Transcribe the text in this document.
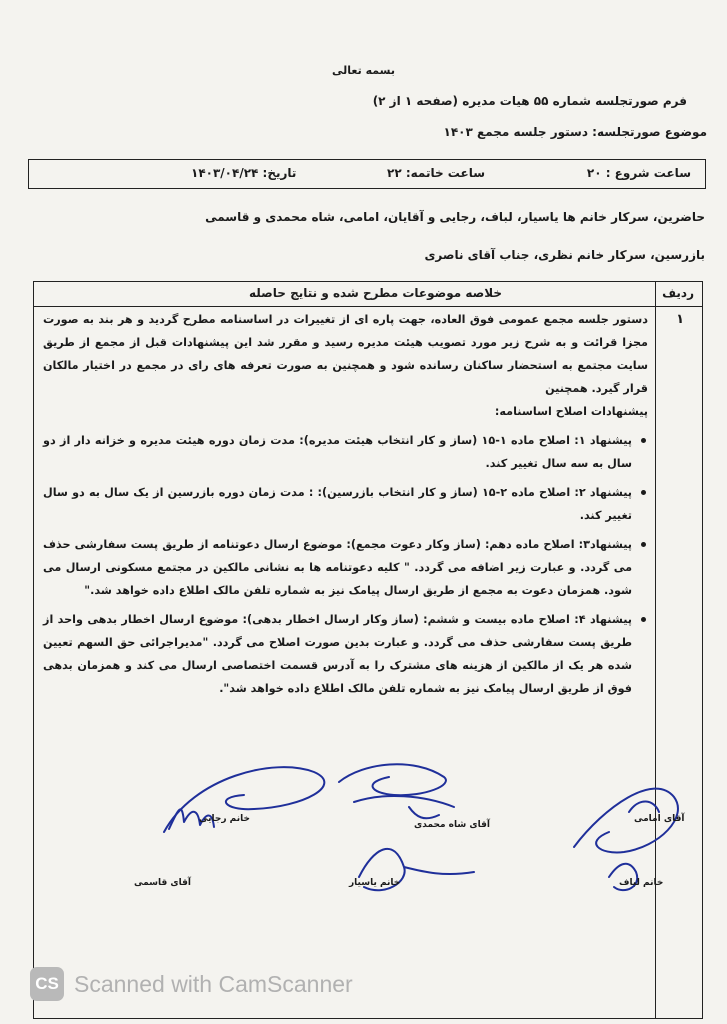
بسمه تعالی
فرم صورتجلسه شماره ۵۵ هیات مدیره (صفحه ۱ از ۲)
موضوع صورتجلسه: دستور جلسه مجمع ۱۴۰۳
ساعت شروع : ۲۰
ساعت خاتمه: ۲۲
تاریخ: ۱۴۰۳/۰۴/۲۴
حاضرین، سرکار خانم ها یاسیار، لباف، رجایی و آقایان، امامی، شاه محمدی و قاسمی
بازرسین، سرکار خانم نظری، جناب آقای ناصری
ردیف
خلاصه موضوعات مطرح شده و نتایج حاصله
۱

دستور جلسه مجمع عمومی فوق العاده، جهت پاره ای از تغییرات در اساسنامه مطرح گردید و هر بند به صورت مجزا قرائت و به شرح زیر مورد تصویب هیئت مدیره رسید و مقرر شد این پیشنهادات قبل از مجمع از طریق سایت مجتمع به استحضار ساکنان رسانده شود و همچنین به صورت تعرفه های رای در مجمع در اختیار مالکان قرار گیرد. همچنین

پیشنهادات اصلاح اساسنامه:

پیشنهاد ۱: اصلاح ماده ۱-۱۵ (ساز و کار انتخاب هیئت مدیره): مدت زمان دوره هیئت مدیره و خزانه دار از دو سال به سه سال تغییر کند.
پیشنهاد ۲: اصلاح ماده ۲-۱۵ (ساز و کار انتخاب بازرسین): : مدت زمان دوره بازرسین از یک سال به دو سال تغییر کند.
پیشنهاد۳: اصلاح ماده دهم: (ساز وکار دعوت مجمع): موضوع ارسال دعوتنامه از طریق پست سفارشی حذف می گردد. و عبارت زیر اضافه می گردد. " کلیه دعوتنامه ها به نشانی مالکین در مجتمع مسکونی ارسال می شود. همزمان دعوت به مجمع از طریق ارسال پیامک نیز به شماره تلفن مالک اطلاع داده خواهد شد."
پیشنهاد ۴: اصلاح ماده بیست و ششم: (ساز وکار ارسال اخطار بدهی): موضوع ارسال اخطار بدهی واحد از طریق پست سفارشی حذف می گردد. و عبارت بدین صورت اصلاح می گردد. "مدیراجرائی حق السهم تعیین شده هر یک از مالکین از هزینه های مشترک را به آدرس قسمت اختصاصی ارسال می کند و همزمان بدهی فوق از طریق ارسال پیامک نیز به شماره تلفن مالک اطلاع داده خواهد شد".
خانم رجایی
آقای شاه محمدی
آقای امامی
آقای قاسمی	خانم یاسیار	خانم لباف
CS Scanned with CamScanner
